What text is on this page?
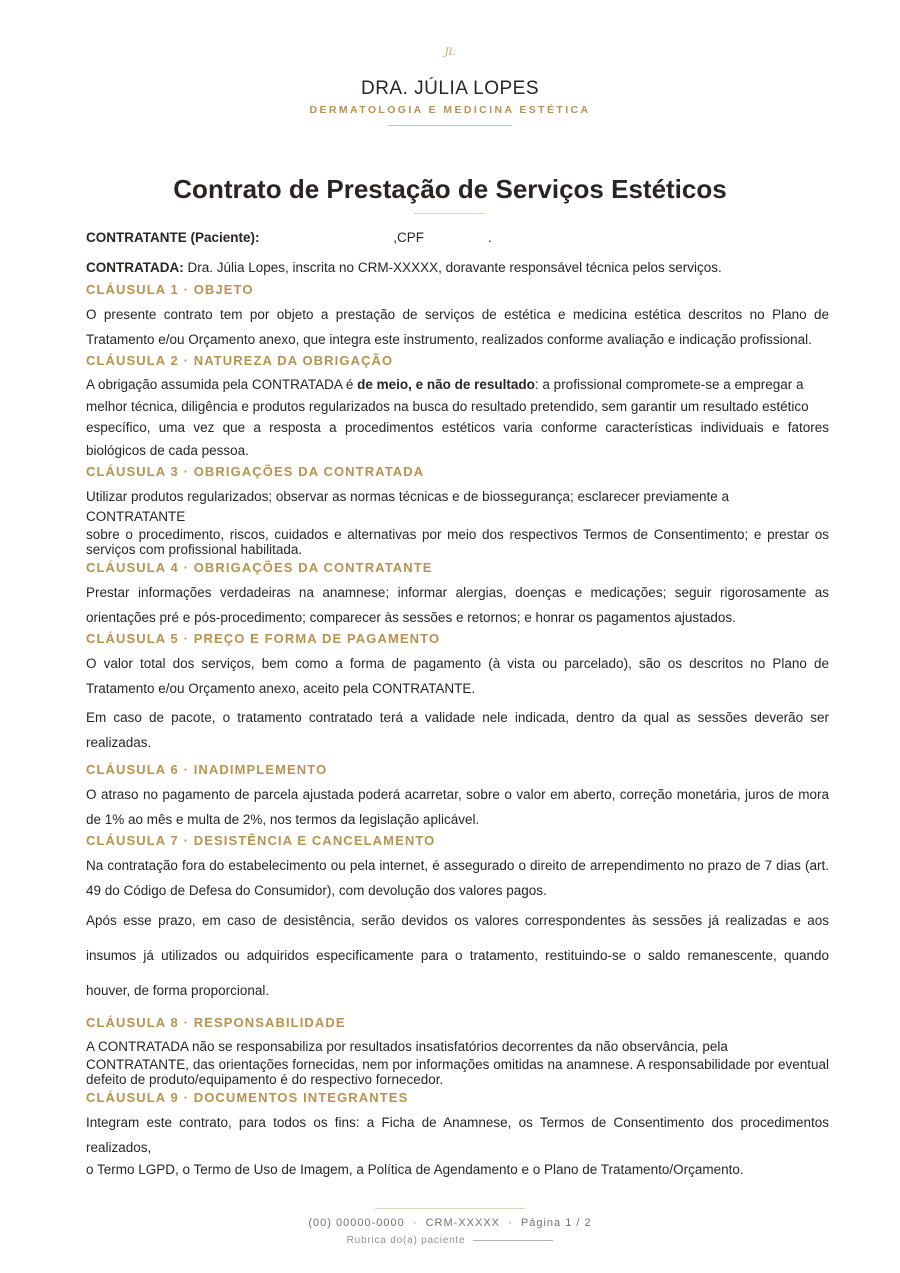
JL
DRA. JÚLIA LOPES
DERMATOLOGIA E MEDICINA ESTÉTICA
Contrato de Prestação de Serviços Estéticos
CONTRATANTE (Paciente):	,CPF	.
CONTRATADA: Dra. Júlia Lopes, inscrita no CRM-XXXXX, doravante responsável técnica pelos serviços.
CLÁUSULA 1 · OBJETO

O presente contrato tem por objeto a prestação de serviços de estética e medicina estética descritos no Plano de Tratamento e/ou Orçamento anexo, que integra este instrumento, realizados conforme avaliação e indicação profissional.

CLÁUSULA 2 · NATUREZA DA OBRIGAÇÃO

A obrigação assumida pela CONTRATADA é de meio, e não de resultado: a profissional compromete-se a empregar a

melhor técnica, diligência e produtos regularizados na busca do resultado pretendido, sem garantir um resultado estético

específico, uma vez que a resposta a procedimentos estéticos varia conforme características individuais e fatores biológicos de cada pessoa.

CLÁUSULA 3 · OBRIGAÇÕES DA CONTRATADA

Utilizar produtos regularizados; observar as normas técnicas e de biossegurança; esclarecer previamente a CONTRATANTE

sobre o procedimento, riscos, cuidados e alternativas por meio dos respectivos Termos de Consentimento; e prestar os serviços com profissional habilitada.

CLÁUSULA 4 · OBRIGAÇÕES DA CONTRATANTE

Prestar informações verdadeiras na anamnese; informar alergias, doenças e medicações; seguir rigorosamente as orientações pré e pós-procedimento; comparecer às sessões e retornos; e honrar os pagamentos ajustados.

CLÁUSULA 5 · PREÇO E FORMA DE PAGAMENTO

O valor total dos serviços, bem como a forma de pagamento (à vista ou parcelado), são os descritos no Plano de Tratamento e/ou Orçamento anexo, aceito pela CONTRATANTE.

Em caso de pacote, o tratamento contratado terá a validade nele indicada, dentro da qual as sessões deverão ser realizadas.

CLÁUSULA 6 · INADIMPLEMENTO

O atraso no pagamento de parcela ajustada poderá acarretar, sobre o valor em aberto, correção monetária, juros de mora de 1% ao mês e multa de 2%, nos termos da legislação aplicável.

CLÁUSULA 7 · DESISTÊNCIA E CANCELAMENTO

Na contratação fora do estabelecimento ou pela internet, é assegurado o direito de arrependimento no prazo de 7 dias (art. 49 do Código de Defesa do Consumidor), com devolução dos valores pagos.

Após esse prazo, em caso de desistência, serão devidos os valores correspondentes às sessões já realizadas e aos insumos já utilizados ou adquiridos especificamente para o tratamento, restituindo-se o saldo remanescente, quando houver, de forma proporcional.

CLÁUSULA 8 · RESPONSABILIDADE

A CONTRATADA não se responsabiliza por resultados insatisfatórios decorrentes da não observância, pela

CONTRATANTE, das orientações fornecidas, nem por informações omitidas na anamnese. A responsabilidade por eventual defeito de produto/equipamento é do respectivo fornecedor.

CLÁUSULA 9 · DOCUMENTOS INTEGRANTES

Integram este contrato, para todos os fins: a Ficha de Anamnese, os Termos de Consentimento dos procedimentos realizados,

o Termo LGPD, o Termo de Uso de Imagem, a Política de Agendamento e o Plano de Tratamento/Orçamento.

(00) 00000-0000  ·  CRM-XXXXX  ·  Página 1 / 2
Rubrica do(a) paciente
